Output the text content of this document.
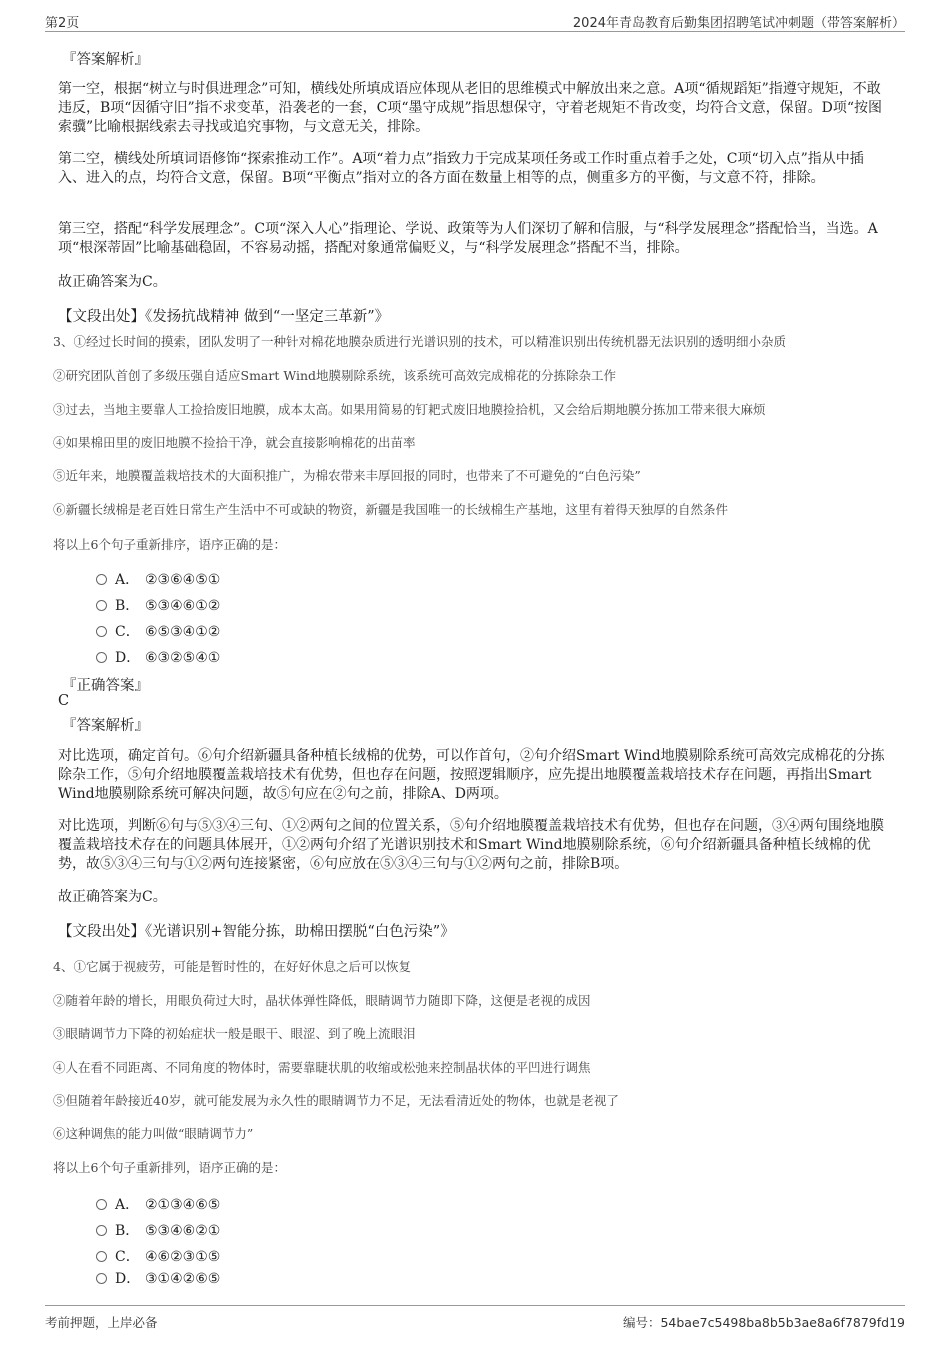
第2页	2024年青岛教育后勤集团招聘笔试冲刺题（带答案解析）
『答案解析』
第一空，根据“树立与时俱进理念”可知，横线处所填成语应体现从老旧的思维模式中解放出来之意。A项“循规蹈矩”指遵守规矩，不敢违反，B项“因循守旧”指不求变革，沿袭老的一套，C项“墨守成规”指思想保守，守着老规矩不肯改变，均符合文意，保留。D项“按图索骥”比喻根据线索去寻找或追究事物，与文意无关，排除。
第二空，横线处所填词语修饰“探索推动工作”。A项“着力点”指致力于完成某项任务或工作时重点着手之处，C项“切入点”指从中插入、进入的点，均符合文意，保留。B项“平衡点”指对立的各方面在数量上相等的点，侧重多方的平衡，与文意不符，排除。
第三空，搭配“科学发展理念”。C项“深入人心”指理论、学说、政策等为人们深切了解和信服，与“科学发展理念”搭配恰当，当选。A项“根深蒂固”比喻基础稳固，不容易动摇，搭配对象通常偏贬义，与“科学发展理念”搭配不当，排除。
故正确答案为C。
【文段出处】《发扬抗战精神 做到“一坚定三革新”》
3、①经过长时间的摸索，团队发明了一种针对棉花地膜杂质进行光谱识别的技术，可以精准识别出传统机器无法识别的透明细小杂质
②研究团队首创了多级压强自适应Smart Wind地膜剔除系统，该系统可高效完成棉花的分拣除杂工作
③过去，当地主要靠人工捡拾废旧地膜，成本太高。如果用简易的钉耙式废旧地膜捡拾机，又会给后期地膜分拣加工带来很大麻烦
④如果棉田里的废旧地膜不捡拾干净，就会直接影响棉花的出苗率
⑤近年来，地膜覆盖栽培技术的大面积推广，为棉农带来丰厚回报的同时，也带来了不可避免的“白色污染”
⑥新疆长绒棉是老百姓日常生产生活中不可或缺的物资，新疆是我国唯一的长绒棉生产基地，这里有着得天独厚的自然条件
将以上6个句子重新排序，语序正确的是：
A． ②③⑥④⑤①
B． ⑤③④⑥①②
C． ⑥⑤③④①②
D． ⑥③②⑤④①
『正确答案』
C
『答案解析』
对比选项，确定首句。⑥句介绍新疆具备种植长绒棉的优势，可以作首句，②句介绍Smart Wind地膜剔除系统可高效完成棉花的分拣除杂工作，⑤句介绍地膜覆盖栽培技术有优势，但也存在问题，按照逻辑顺序，应先提出地膜覆盖栽培技术存在问题，再指出Smart Wind地膜剔除系统可解决问题，故⑤句应在②句之前，排除A、D两项。
对比选项，判断⑥句与⑤③④三句、①②两句之间的位置关系，⑤句介绍地膜覆盖栽培技术有优势，但也存在问题，③④两句围绕地膜覆盖栽培技术存在的问题具体展开，①②两句介绍了光谱识别技术和Smart Wind地膜剔除系统，⑥句介绍新疆具备种植长绒棉的优势，故⑤③④三句与①②两句连接紧密，⑥句应放在⑤③④三句与①②两句之前，排除B项。
故正确答案为C。
【文段出处】《光谱识别+智能分拣，助棉田摆脱“白色污染”》
4、①它属于视疲劳，可能是暂时性的，在好好休息之后可以恢复
②随着年龄的增长，用眼负荷过大时，晶状体弹性降低，眼睛调节力随即下降，这便是老视的成因
③眼睛调节力下降的初始症状一般是眼干、眼涩、到了晚上流眼泪
④人在看不同距离、不同角度的物体时，需要靠睫状肌的收缩或松弛来控制晶状体的平凹进行调焦
⑤但随着年龄接近40岁，就可能发展为永久性的眼睛调节力不足，无法看清近处的物体，也就是老视了
⑥这种调焦的能力叫做“眼睛调节力”
将以上6个句子重新排列，语序正确的是：
A． ②①③④⑥⑤
B． ⑤③④⑥②①
C． ④⑥②③①⑤
D． ③①④②⑥⑤
考前押题，上岸必备	编号：54bae7c5498ba8b5b3ae8a6f7879fd19
